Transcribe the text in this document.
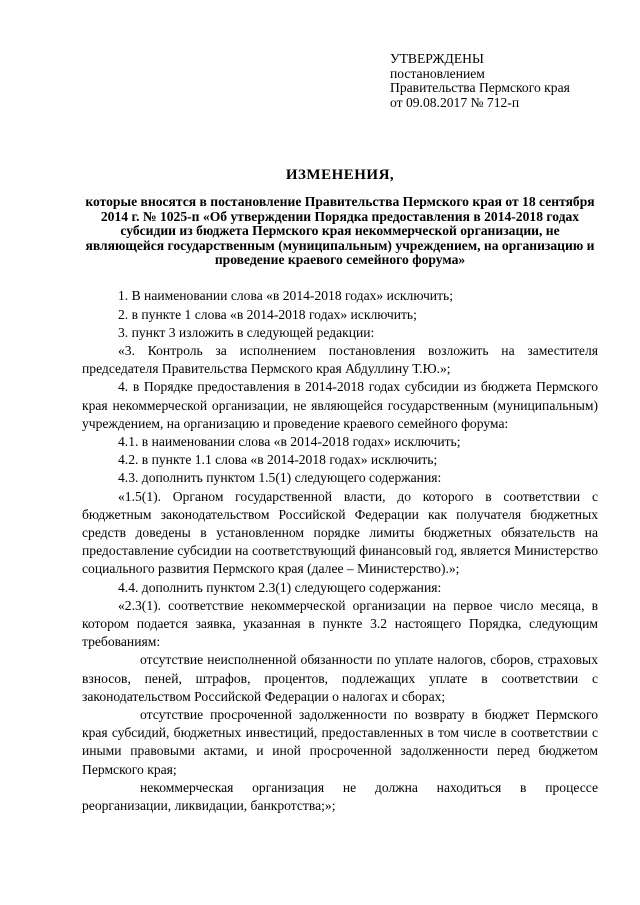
УТВЕРЖДЕНЫ
постановлением
Правительства Пермского края
от 09.08.2017 № 712-п
ИЗМЕНЕНИЯ,
которые вносятся в постановление Правительства Пермского края от 18 сентября 2014 г. № 1025-п «Об утверждении Порядка предоставления в 2014-2018 годах субсидии из бюджета Пермского края некоммерческой организации, не являющейся государственным (муниципальным) учреждением, на организацию и проведение краевого семейного форума»

1. В наименовании слова «в 2014-2018 годах» исключить;

2. в пункте 1 слова «в 2014-2018 годах» исключить;

3. пункт 3 изложить в следующей редакции:

«3. Контроль за исполнением постановления возложить на заместителя председателя Правительства Пермского края Абдуллину Т.Ю.»;

4. в Порядке предоставления в 2014-2018 годах субсидии из бюджета Пермского края некоммерческой организации, не являющейся государственным (муниципальным) учреждением, на организацию и проведение краевого семейного форума:

4.1. в наименовании слова «в 2014-2018 годах» исключить;

4.2. в пункте 1.1 слова «в 2014-2018 годах» исключить;

4.3. дополнить пунктом 1.5(1) следующего содержания:

«1.5(1). Органом государственной власти, до которого в соответствии с бюджетным законодательством Российской Федерации как получателя бюджетных средств доведены в установленном порядке лимиты бюджетных обязательств на предоставление субсидии на соответствующий финансовый год, является Министерство социального развития Пермского края (далее – Министерство).»;

4.4. дополнить пунктом 2.3(1) следующего содержания:

«2.3(1). соответствие некоммерческой организации на первое число месяца, в котором подается заявка, указанная в пункте 3.2 настоящего Порядка, следующим требованиям:

отсутствие неисполненной обязанности по уплате налогов, сборов, страховых взносов, пеней, штрафов, процентов, подлежащих уплате в соответствии с законодательством Российской Федерации о налогах и сборах;

отсутствие просроченной задолженности по возврату в бюджет Пермского края субсидий, бюджетных инвестиций, предоставленных в том числе в соответствии с иными правовыми актами, и иной просроченной задолженности перед бюджетом Пермского края;

некоммерческая организация не должна находиться в процессе реорганизации, ликвидации, банкротства;»;
